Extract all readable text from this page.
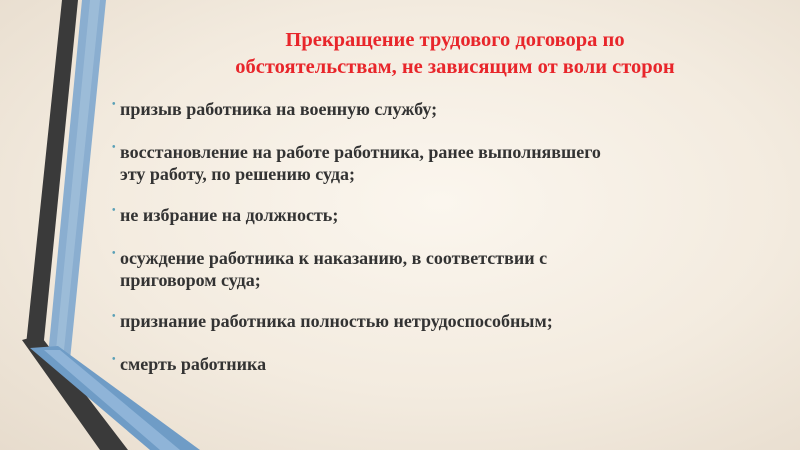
Прекращение трудового договора по
обстоятельствам, не зависящим от воли сторон
• призыв работника на военную службу;
• восстановление на работе работника, ранее выполнявшего
эту работу, по решению суда;
• не избрание на должность;
• осуждение работника к наказанию, в соответствии с
приговором суда;
• признание работника полностью нетрудоспособным;
• смерть работника
